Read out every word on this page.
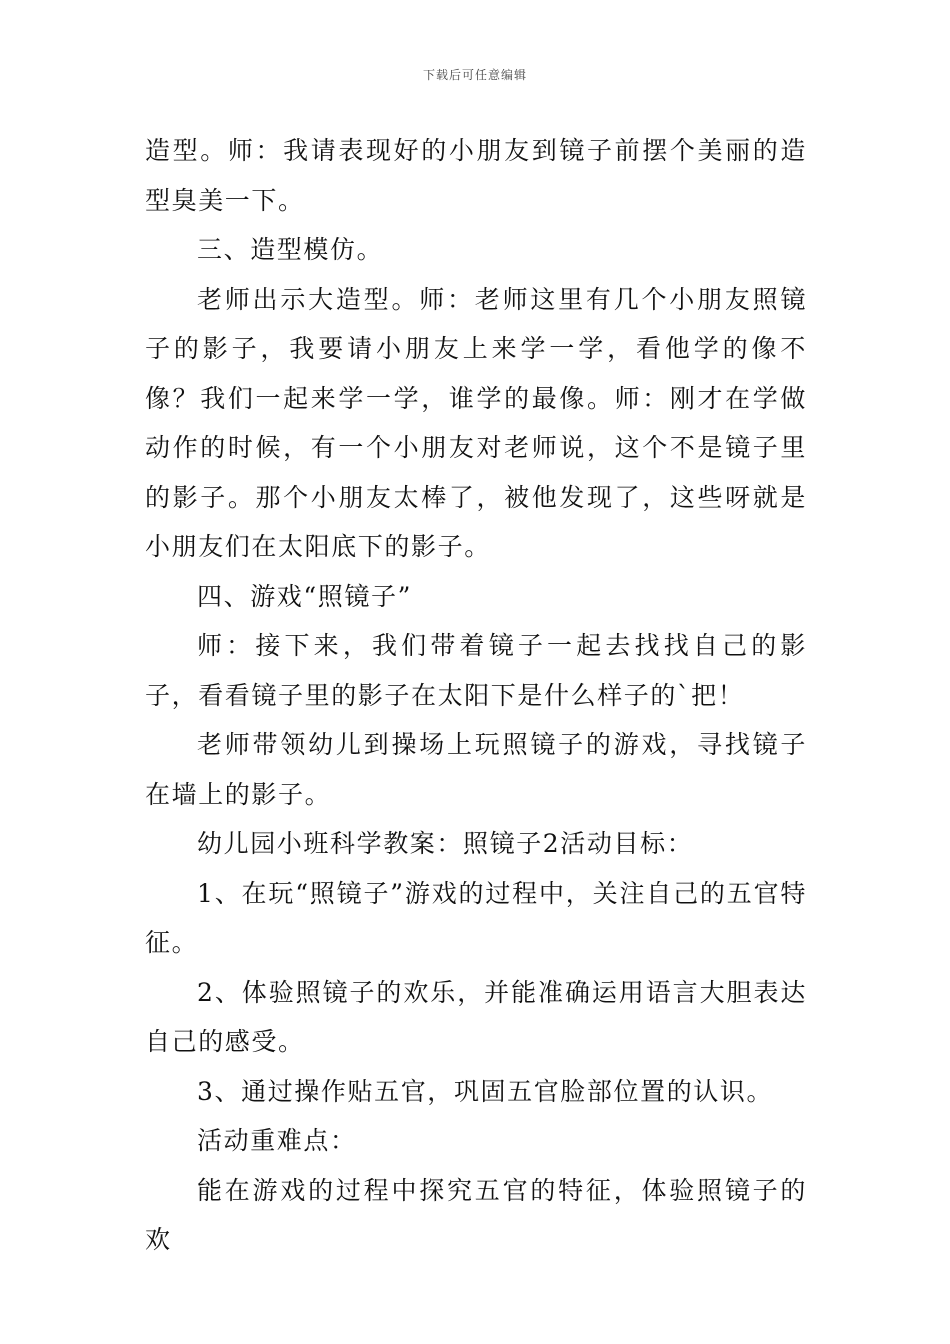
下载后可任意编辑

造型。师：我请表现好的小朋友到镜子前摆个美丽的造型臭美一下。

三、造型模仿。

老师出示大造型。师：老师这里有几个小朋友照镜子的影子，我要请小朋友上来学一学，看他学的像不像？我们一起来学一学，谁学的最像。师：刚才在学做动作的时候，有一个小朋友对老师说，这个不是镜子里的影子。那个小朋友太棒了，被他发现了，这些呀就是小朋友们在太阳底下的影子。

四、游戏“照镜子”

师：接下来，我们带着镜子一起去找找自己的影子，看看镜子里的影子在太阳下是什么样子的`把！

老师带领幼儿到操场上玩照镜子的游戏，寻找镜子在墙上的影子。

幼儿园小班科学教案：照镜子2活动目标：

1、在玩“照镜子”游戏的过程中，关注自己的五官特征。

2、体验照镜子的欢乐，并能准确运用语言大胆表达自己的感受。

3、通过操作贴五官，巩固五官脸部位置的认识。

活动重难点：

能在游戏的过程中探究五官的特征，体验照镜子的欢
